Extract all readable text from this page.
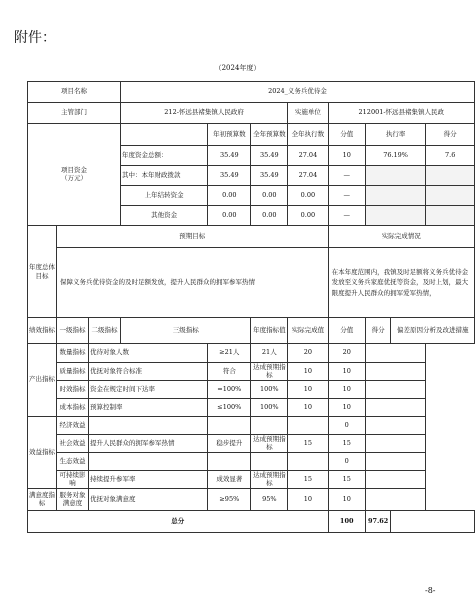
附件：
（2024年度）
项目名称			2024_义务兵优待金							
主管部门			212-怀远县褚集镇人民政府			实施单位	212001-怀远县褚集镇人民政			
项目资金
（万元）				年初预算数	全年预算数	全年执行数	分值	执行率		得分
			年度资金总额：	35.49	35.49	27.04	10	76.19%		7.6
			其中：本年财政拨款	35.49	35.49	27.04	—			
			上年结转资金	0.00	0.00	0.00	—			
			其他资金	0.00	0.00	0.00	—			
年度总体目标	预期目标						实际完成情况			
	保障义务兵优待资金的及时足额发放，提升人民群众的拥军参军热情						在本年度范围内，我镇及时足额将义务兵优待金发放至义务兵家庭优抚等资金，及时上划，最大限度提升人民群众的拥军爱军热情，			
绩效指标	一级指标	二级指标	三级指标		年度指标值	实际完成值	分值	得分	偏差原因分析及改进措施	
产出指标	数量指标	优待对象人数		≥21人	21人	20	20			
	质量指标	优抚对象符合标准		符合	达成预期指标	10	10			
	时效指标	资金在规定时间下达率		=100%	100%	10	10			
	成本指标	预算控制率		≤100%	100%	10	10			
效益指标	经济效益						0			
	社会效益	提升人民群众的拥军参军热情		稳步提升	达成预期指标	15	15			
	生态效益						0			
	可持续影响	持续提升参军率		成效显著	达成预期指标	15	15			
满意度指标	服务对象满意度	优抚对象满意度		≥95%	95%	10	10			
总分							100	97.62		
-8-
